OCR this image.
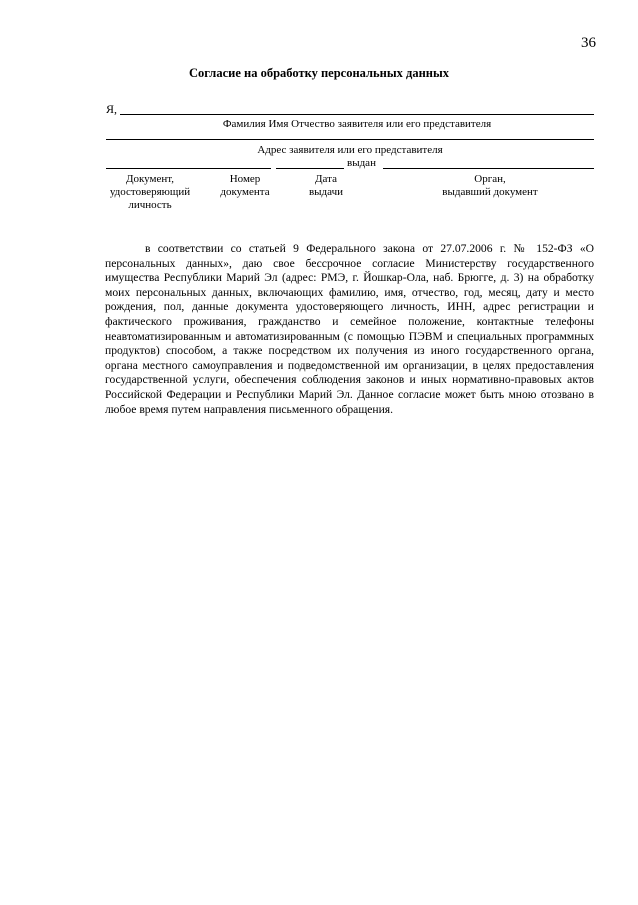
36
Согласие на обработку персональных данных
Я,
Фамилия Имя Отчество заявителя или его представителя
Адрес заявителя или его представителя
выдан
Документ,
удостоверяющий
личность
Номер
документа
Дата
выдачи
Орган,
выдавший документ

в соответствии со статьей 9 Федерального закона от 27.07.2006 г. № 152-ФЗ «О персональных данных», даю свое бессрочное согласие Министерству государственного имущества Республики Марий Эл (адрес: РМЭ, г. Йошкар-Ола, наб. Брюгге, д. 3) на обработку моих персональных данных, включающих фамилию, имя, отчество, год, месяц, дату и место рождения, пол, данные документа удостоверяющего личность, ИНН, адрес регистрации и фактического проживания, гражданство и семейное положение, контактные телефоны неавтоматизированным и автоматизированным (с помощью ПЭВМ и специальных программных продуктов) способом, а также посредством их получения из иного государственного органа, органа местного самоуправления и подведомственной им организации, в целях предоставления государственной услуги, обеспечения соблюдения законов и иных нормативно-правовых актов Российской Федерации и Республики Марий Эл. Данное согласие может быть мною отозвано в любое время путем направления письменного обращения.
